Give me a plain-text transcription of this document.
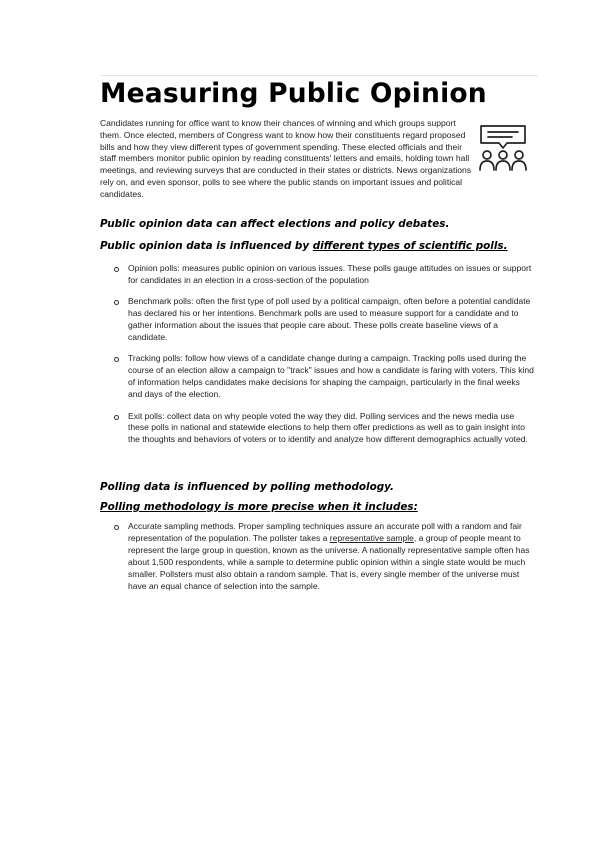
Measuring Public Opinion

Candidates running for office want to know their chances of winning and which groups support them. Once elected, members of Congress want to know how their constituents regard proposed bills and how they view different types of government spending. These elected officials and their staff members monitor public opinion by reading constituents' letters and emails, holding town hall meetings, and reviewing surveys that are conducted in their states or districts. News organizations rely on, and even sponsor, polls to see where the public stands on important issues and political candidates.

Public opinion data can affect elections and policy debates.
Public opinion data is influenced by different types of scientific polls.
Opinion polls: measures public opinion on various issues. These polls gauge attitudes on issues or support for candidates in an election in a cross-section of the population
Benchmark polls: often the first type of poll used by a political campaign, often before a potential candidate has declared his or her intentions. Benchmark polls are used to measure support for a candidate and to gather information about the issues that people care about. These polls create baseline views of a candidate.
Tracking polls: follow how views of a candidate change during a campaign. Tracking polls used during the course of an election allow a campaign to "track" issues and how a candidate is faring with voters. This kind of information helps candidates make decisions for shaping the campaign, particularly in the final weeks and days of the election.
Exit polls: collect data on why people voted the way they did. Polling services and the news media use these polls in national and statewide elections to help them offer predictions as well as to gain insight into the thoughts and behaviors of voters or to identify and analyze how different demographics actually voted.
Polling data is influenced by polling methodology.
Polling methodology is more precise when it includes:
Accurate sampling methods. Proper sampling techniques assure an accurate poll with a random and fair representation of the population. The pollster takes a representative sample, a group of people meant to represent the large group in question, known as the universe. A nationally representative sample often has about 1,500 respondents, while a sample to determine public opinion within a single state would be much smaller. Pollsters must also obtain a random sample. That is, every single member of the universe must have an equal chance of selection into the sample.
